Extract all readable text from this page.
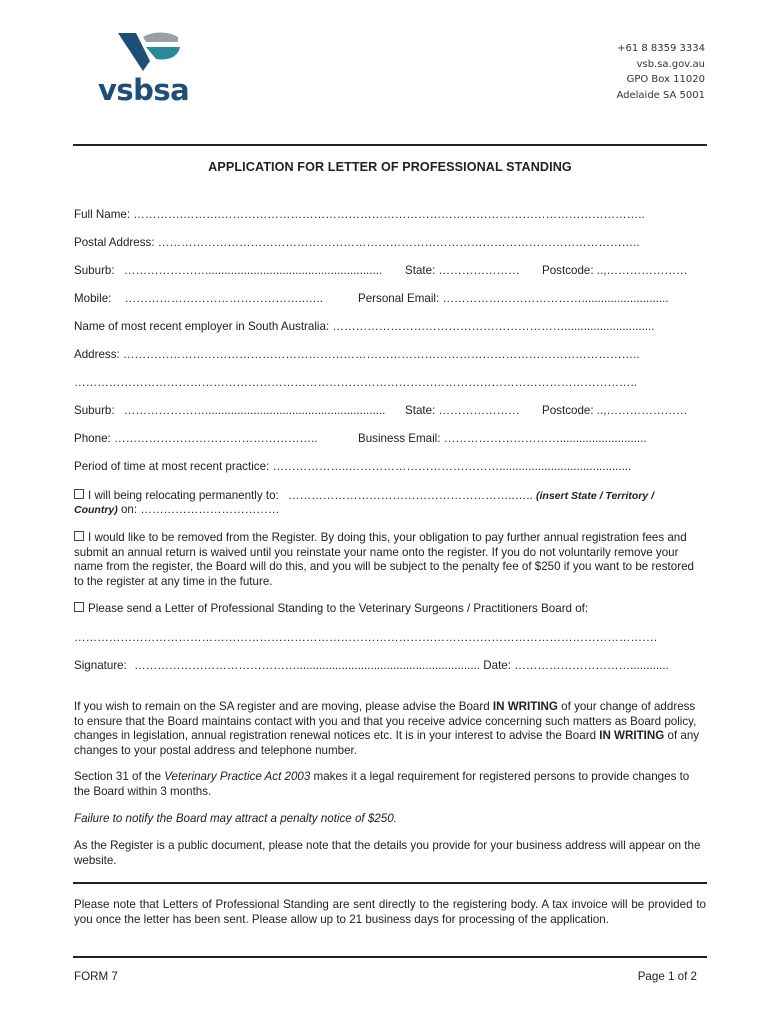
vsbsa
+61 8 8359 3334
vsb.sa.gov.au
GPO Box 11020
Adelaide SA 5001
APPLICATION FOR LETTER OF PROFESSIONAL STANDING
Full Name: ………….……….………………………………………………………………………………………………..
Postal Address: ……………………………………………………………………………………………………………..
Suburb: …………………....................................................... State: ………………… Postcode: ..,…………………
Mobile: ………………………………………..…..	Personal Email: ………………………………...........................
Name of most recent employer in South Australia: ……………………………………………………............................
Address: ……………………………………………………………………………………………………………………..
………………………………………………………………………………………………………………………………..
Suburb: …………………........................................................ State: ………………… Postcode: ..,…………………
Phone: ……………………………………………..	Business Email: …………………………...........................
Period of time at most recent practice: ………………..………………………………….........................................
I will being relocating permanently to: …………………………………………………..….. (insert State / Territory /
Country) on: ………………………………
I would like to be removed from the Register. By doing this, your obligation to pay further annual registration fees and submit an annual return is waived until you reinstate your name onto the register. If you do not voluntarily remove your name from the register, the Board will do this, and you will be subject to the penalty fee of $250 if you want to be restored to the register at any time in the future.
Please send a Letter of Professional Standing to the Veterinary Surgeons / Practitioners Board of:
…………………………………………………………………………………………………………………………………….
Signature: ……………………………………......................................................... Date: …………………………............
If you wish to remain on the SA register and are moving, please advise the Board IN WRITING of your change of address to ensure that the Board maintains contact with you and that you receive advice concerning such matters as Board policy, changes in legislation, annual registration renewal notices etc. It is in your interest to advise the Board IN WRITING of any changes to your postal address and telephone number.
Section 31 of the Veterinary Practice Act 2003 makes it a legal requirement for registered persons to provide changes to the Board within 3 months.
Failure to notify the Board may attract a penalty notice of $250.
As the Register is a public document, please note that the details you provide for your business address will appear on the website.
Please note that Letters of Professional Standing are sent directly to the registering body. A tax invoice will be provided to you once the letter has been sent. Please allow up to 21 business days for processing of the application.
FORM 7	Page 1 of 2
